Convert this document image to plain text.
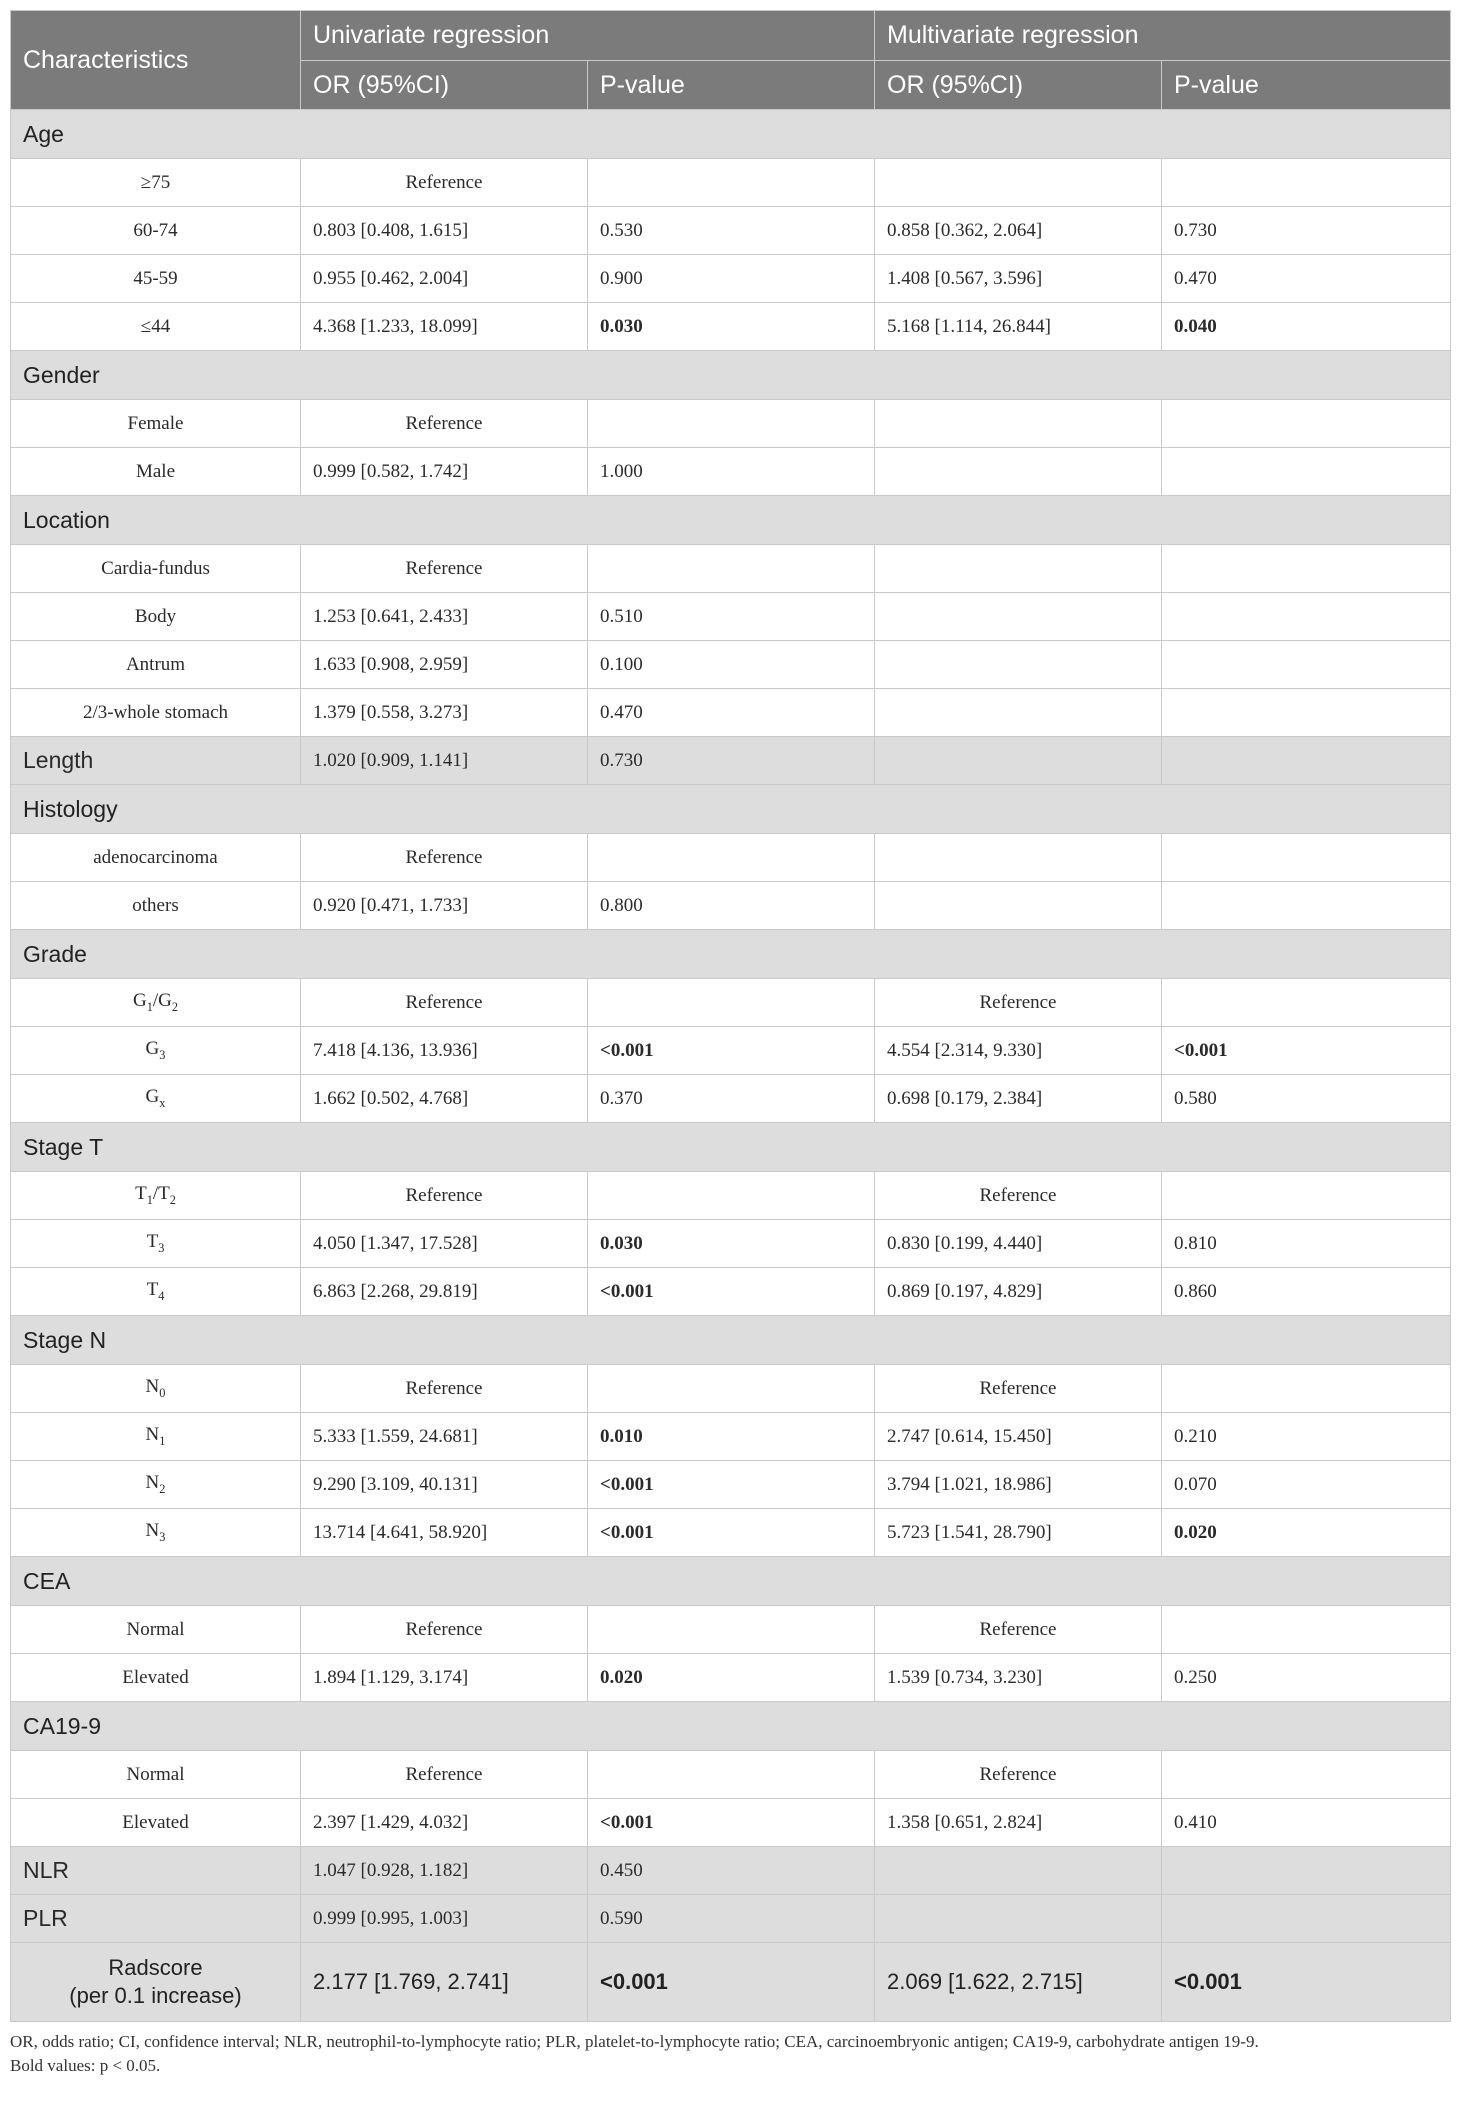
Characteristics	Univariate regression		Multivariate regression	
	OR (95%CI)	P-value	OR (95%CI)	P-value
Age				
≥75	Reference			
60-74	0.803 [0.408, 1.615]	0.530	0.858 [0.362, 2.064]	0.730
45-59	0.955 [0.462, 2.004]	0.900	1.408 [0.567, 3.596]	0.470
≤44	4.368 [1.233, 18.099]	0.030	5.168 [1.114, 26.844]	0.040
Gender				
Female	Reference			
Male	0.999 [0.582, 1.742]	1.000		
Location				
Cardia-fundus	Reference			
Body	1.253 [0.641, 2.433]	0.510		
Antrum	1.633 [0.908, 2.959]	0.100		
2/3-whole stomach	1.379 [0.558, 3.273]	0.470		
Length	1.020 [0.909, 1.141]	0.730		
Histology				
adenocarcinoma	Reference			
others	0.920 [0.471, 1.733]	0.800		
Grade				
$G_1/G_2$	Reference		Reference	
$G_3$	7.418 [4.136, 13.936]	<0.001	4.554 [2.314, 9.330]	<0.001
$G_x$	1.662 [0.502, 4.768]	0.370	0.698 [0.179, 2.384]	0.580
Stage T				
$T_1/T_2$	Reference		Reference	
$T_3$	4.050 [1.347, 17.528]	0.030	0.830 [0.199, 4.440]	0.810
$T_4$	6.863 [2.268, 29.819]	<0.001	0.869 [0.197, 4.829]	0.860
Stage N				
$N_0$	Reference		Reference	
$N_1$	5.333 [1.559, 24.681]	0.010	2.747 [0.614, 15.450]	0.210
$N_2$	9.290 [3.109, 40.131]	<0.001	3.794 [1.021, 18.986]	0.070
$N_3$	13.714 [4.641, 58.920]	<0.001	5.723 [1.541, 28.790]	0.020
CEA				
Normal	Reference		Reference	
Elevated	1.894 [1.129, 3.174]	0.020	1.539 [0.734, 3.230]	0.250
CA19-9				
Normal	Reference		Reference	
Elevated	2.397 [1.429, 4.032]	<0.001	1.358 [0.651, 2.824]	0.410
NLR	1.047 [0.928, 1.182]	0.450		
PLR	0.999 [0.995, 1.003]	0.590		

Radscore
(per 0.1 increase)	2.177 [1.769, 2.741]	<0.001	2.069 [1.622, 2.715]	<0.001
OR, odds ratio; CI, confidence interval; NLR, neutrophil-to-lymphocyte ratio; PLR, platelet-to-lymphocyte ratio; CEA, carcinoembryonic antigen; CA19-9, carbohydrate antigen 19-9.
Bold values: p < 0.05.
